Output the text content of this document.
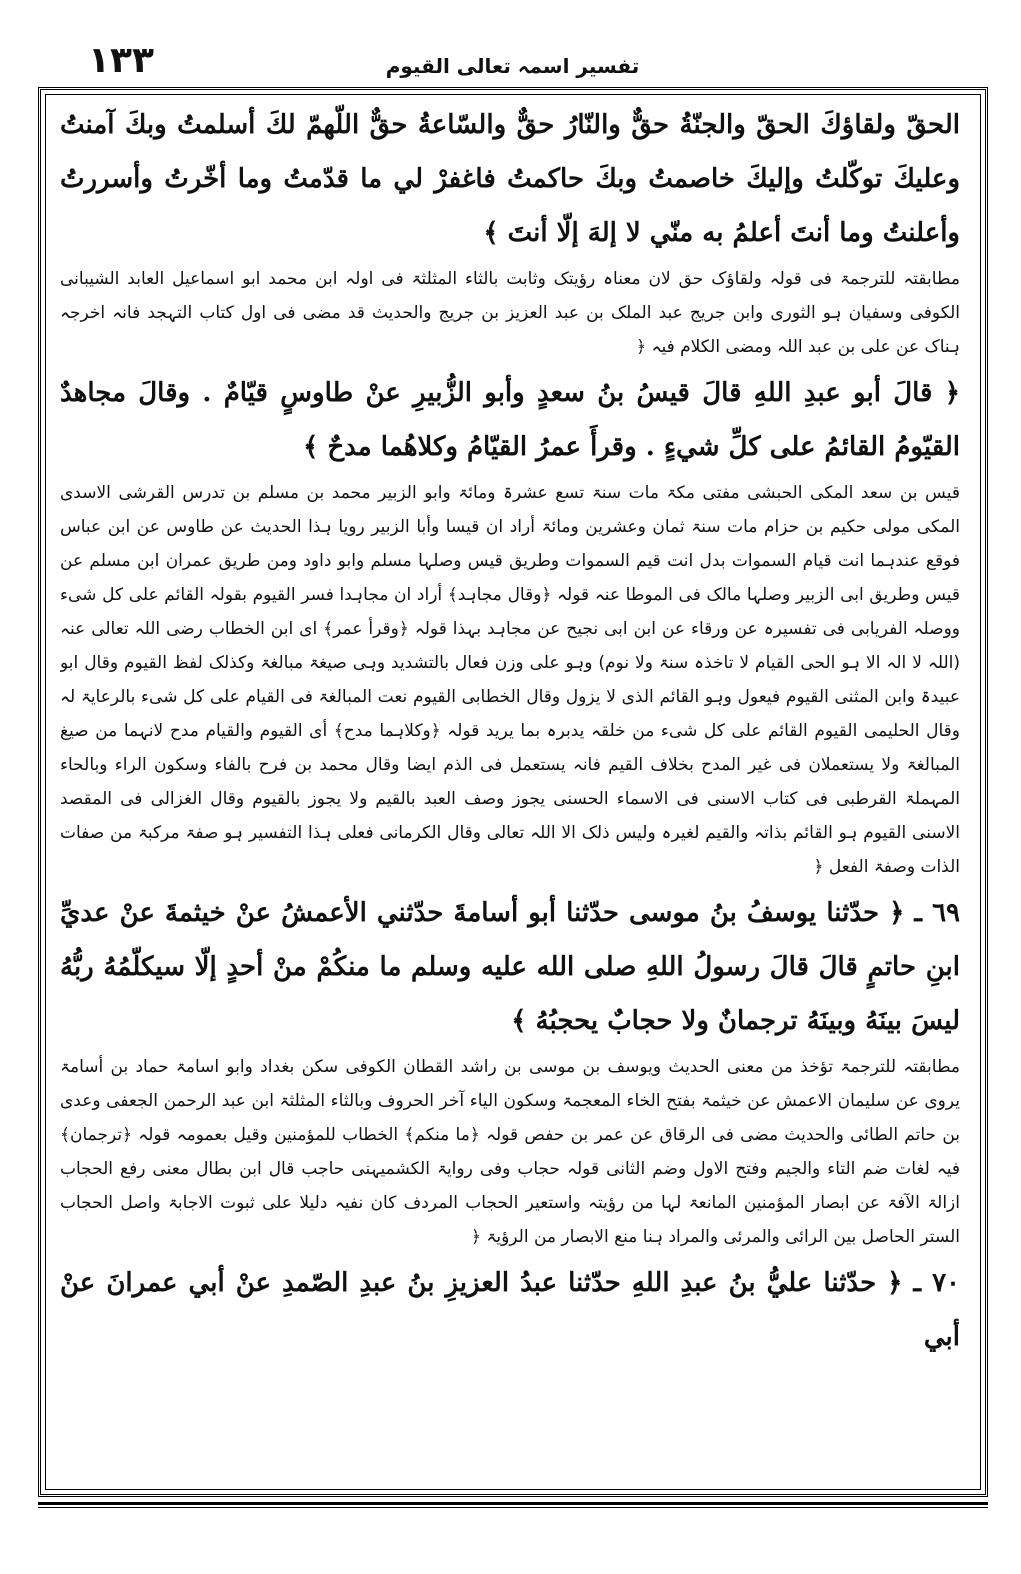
١٣٣	تفسير اسمہ تعالی القیوم

الحقّ ولقاؤكَ الحقّ والجنّةُ حقٌّ والنّارُ حقٌّ والسّاعةُ حقٌّ اللّهمّ لكَ أسلمتُ وبكَ آمنتُ وعليكَ توكّلتُ وإليكَ خاصمتُ وبكَ حاكمتُ فاغفرْ لي ما قدّمتُ وما أخّرتُ وأسررتُ وأعلنتُ وما أنتَ أعلمُ به منّي لا إلهَ إلّا أنتَ ﴾

مطابقتہ للترجمۃ فی قولہ ولقاؤک حق لان معناہ رؤیتک وثابت بالثاء المثلثۃ فی اولہ ابن محمد ابو اسماعیل العابد الشیبانی الکوفی وسفیان ہو الثوری وابن جریج عبد الملک بن عبد العزیز بن جریج والحدیث قد مضی فی اول کتاب التہجد فانہ اخرجہ ہناک عن علی بن عبد اللہ ومضی الکلام فیہ ﴿

﴿ قالَ أبو عبدِ اللهِ قالَ قيسُ بنُ سعدٍ وأبو الزُّبيرِ عنْ طاوسٍ قيّامٌ . وقالَ مجاهدٌ القيّومُ القائمُ على كلِّ شيءٍ . وقرأَ عمرُ القيّامُ وكلاهُما مدحٌ ﴾

قیس بن سعد المکی الحبشی مفتی مکۃ مات سنۃ تسع عشرۃ ومائۃ وابو الزبیر محمد بن مسلم بن تدرس القرشی الاسدی المکی مولی حکیم بن حزام مات سنۃ ثمان وعشرین ومائۃ أراد ان قیسا وأبا الزبیر رویا ہذا الحدیث عن طاوس عن ابن عباس فوقع عندہما انت قیام السموات بدل انت قیم السموات وطریق قیس وصلہا مسلم وابو داود ومن طریق عمران ابن مسلم عن قیس وطریق ابی الزبیر وصلہا مالک فی الموطا عنہ قولہ ﴿وقال مجاہد﴾ أراد ان مجاہدا فسر القیوم بقولہ القائم علی کل شیء ووصلہ الفریابی فی تفسیرہ عن ورقاء عن ابن ابی نجیح عن مجاہد بہذا قولہ ﴿وقرأ عمر﴾ ای ابن الخطاب رضی اللہ تعالی عنہ (اللہ لا الہ الا ہو الحی القیام لا تاخذہ سنۃ ولا نوم) وہو علی وزن فعال بالتشدید وہی صیغۃ مبالغۃ وکذلک لفظ القیوم وقال ابو عبیدۃ وابن المثنی القیوم فیعول وہو القائم الذی لا یزول وقال الخطابی القیوم نعت المبالغۃ فی القیام علی کل شیء بالرعایۃ لہ وقال الحلیمی القیوم القائم علی کل شیء من خلقہ یدبرہ بما یرید قولہ ﴿وکلاہما مدح﴾ أی القیوم والقیام مدح لانہما من صیغ المبالغۃ ولا یستعملان فی غیر المدح بخلاف القیم فانہ یستعمل فی الذم ایضا وقال محمد بن فرح بالفاء وسکون الراء وبالحاء المہملۃ القرطبی فی کتاب الاسنی فی الاسماء الحسنی یجوز وصف العبد بالقیم ولا یجوز بالقیوم وقال الغزالی فی المقصد الاسنی القیوم ہو القائم بذاتہ والقیم لغیرہ ولیس ذلک الا اللہ تعالی وقال الکرمانی فعلی ہذا التفسیر ہو صفۃ مرکبۃ من صفات الذات وصفۃ الفعل ﴿

٦٩ ـ ﴿ حدّثنا يوسفُ بنُ موسى حدّثنا أبو أسامةَ حدّثني الأعمشُ عنْ خيثمةَ عنْ عديِّ ابنِ حاتمٍ قالَ قالَ رسولُ اللهِ صلى الله عليه وسلم ما منكُمْ منْ أحدٍ إلّا سيكلّمُهُ ربُّهُ ليسَ بينَهُ وبينَهُ ترجمانٌ ولا حجابٌ يحجبُهُ ﴾

مطابقتہ للترجمۃ تؤخذ من معنی الحدیث ویوسف بن موسی بن راشد القطان الکوفی سکن بغداد وابو اسامۃ حماد بن أسامۃ یروی عن سلیمان الاعمش عن خیثمۃ بفتح الخاء المعجمۃ وسکون الیاء آخر الحروف وبالثاء المثلثۃ ابن عبد الرحمن الجعفی وعدی بن حاتم الطائی والحدیث مضی فی الرقاق عن عمر بن حفص قولہ ﴿ما منکم﴾ الخطاب للمؤمنین وقیل بعمومہ قولہ ﴿ترجمان﴾ فیہ لغات ضم التاء والجیم وفتح الاول وضم الثانی قولہ حجاب وفی روایۃ الکشمیہنی حاجب قال ابن بطال معنی رفع الحجاب ازالۃ الآفۃ عن ابصار المؤمنین المانعۃ لہا من رؤیتہ واستعیر الحجاب المردف کان نفیہ دلیلا علی ثبوت الاجابۃ واصل الحجاب الستر الحاصل بین الرائی والمرئی والمراد ہنا منع الابصار من الرؤیۃ ﴿

٧٠ ـ ﴿ حدّثنا عليُّ بنُ عبدِ اللهِ حدّثنا عبدُ العزيزِ بنُ عبدِ الصّمدِ عنْ أبي عمرانَ عنْ أبي
